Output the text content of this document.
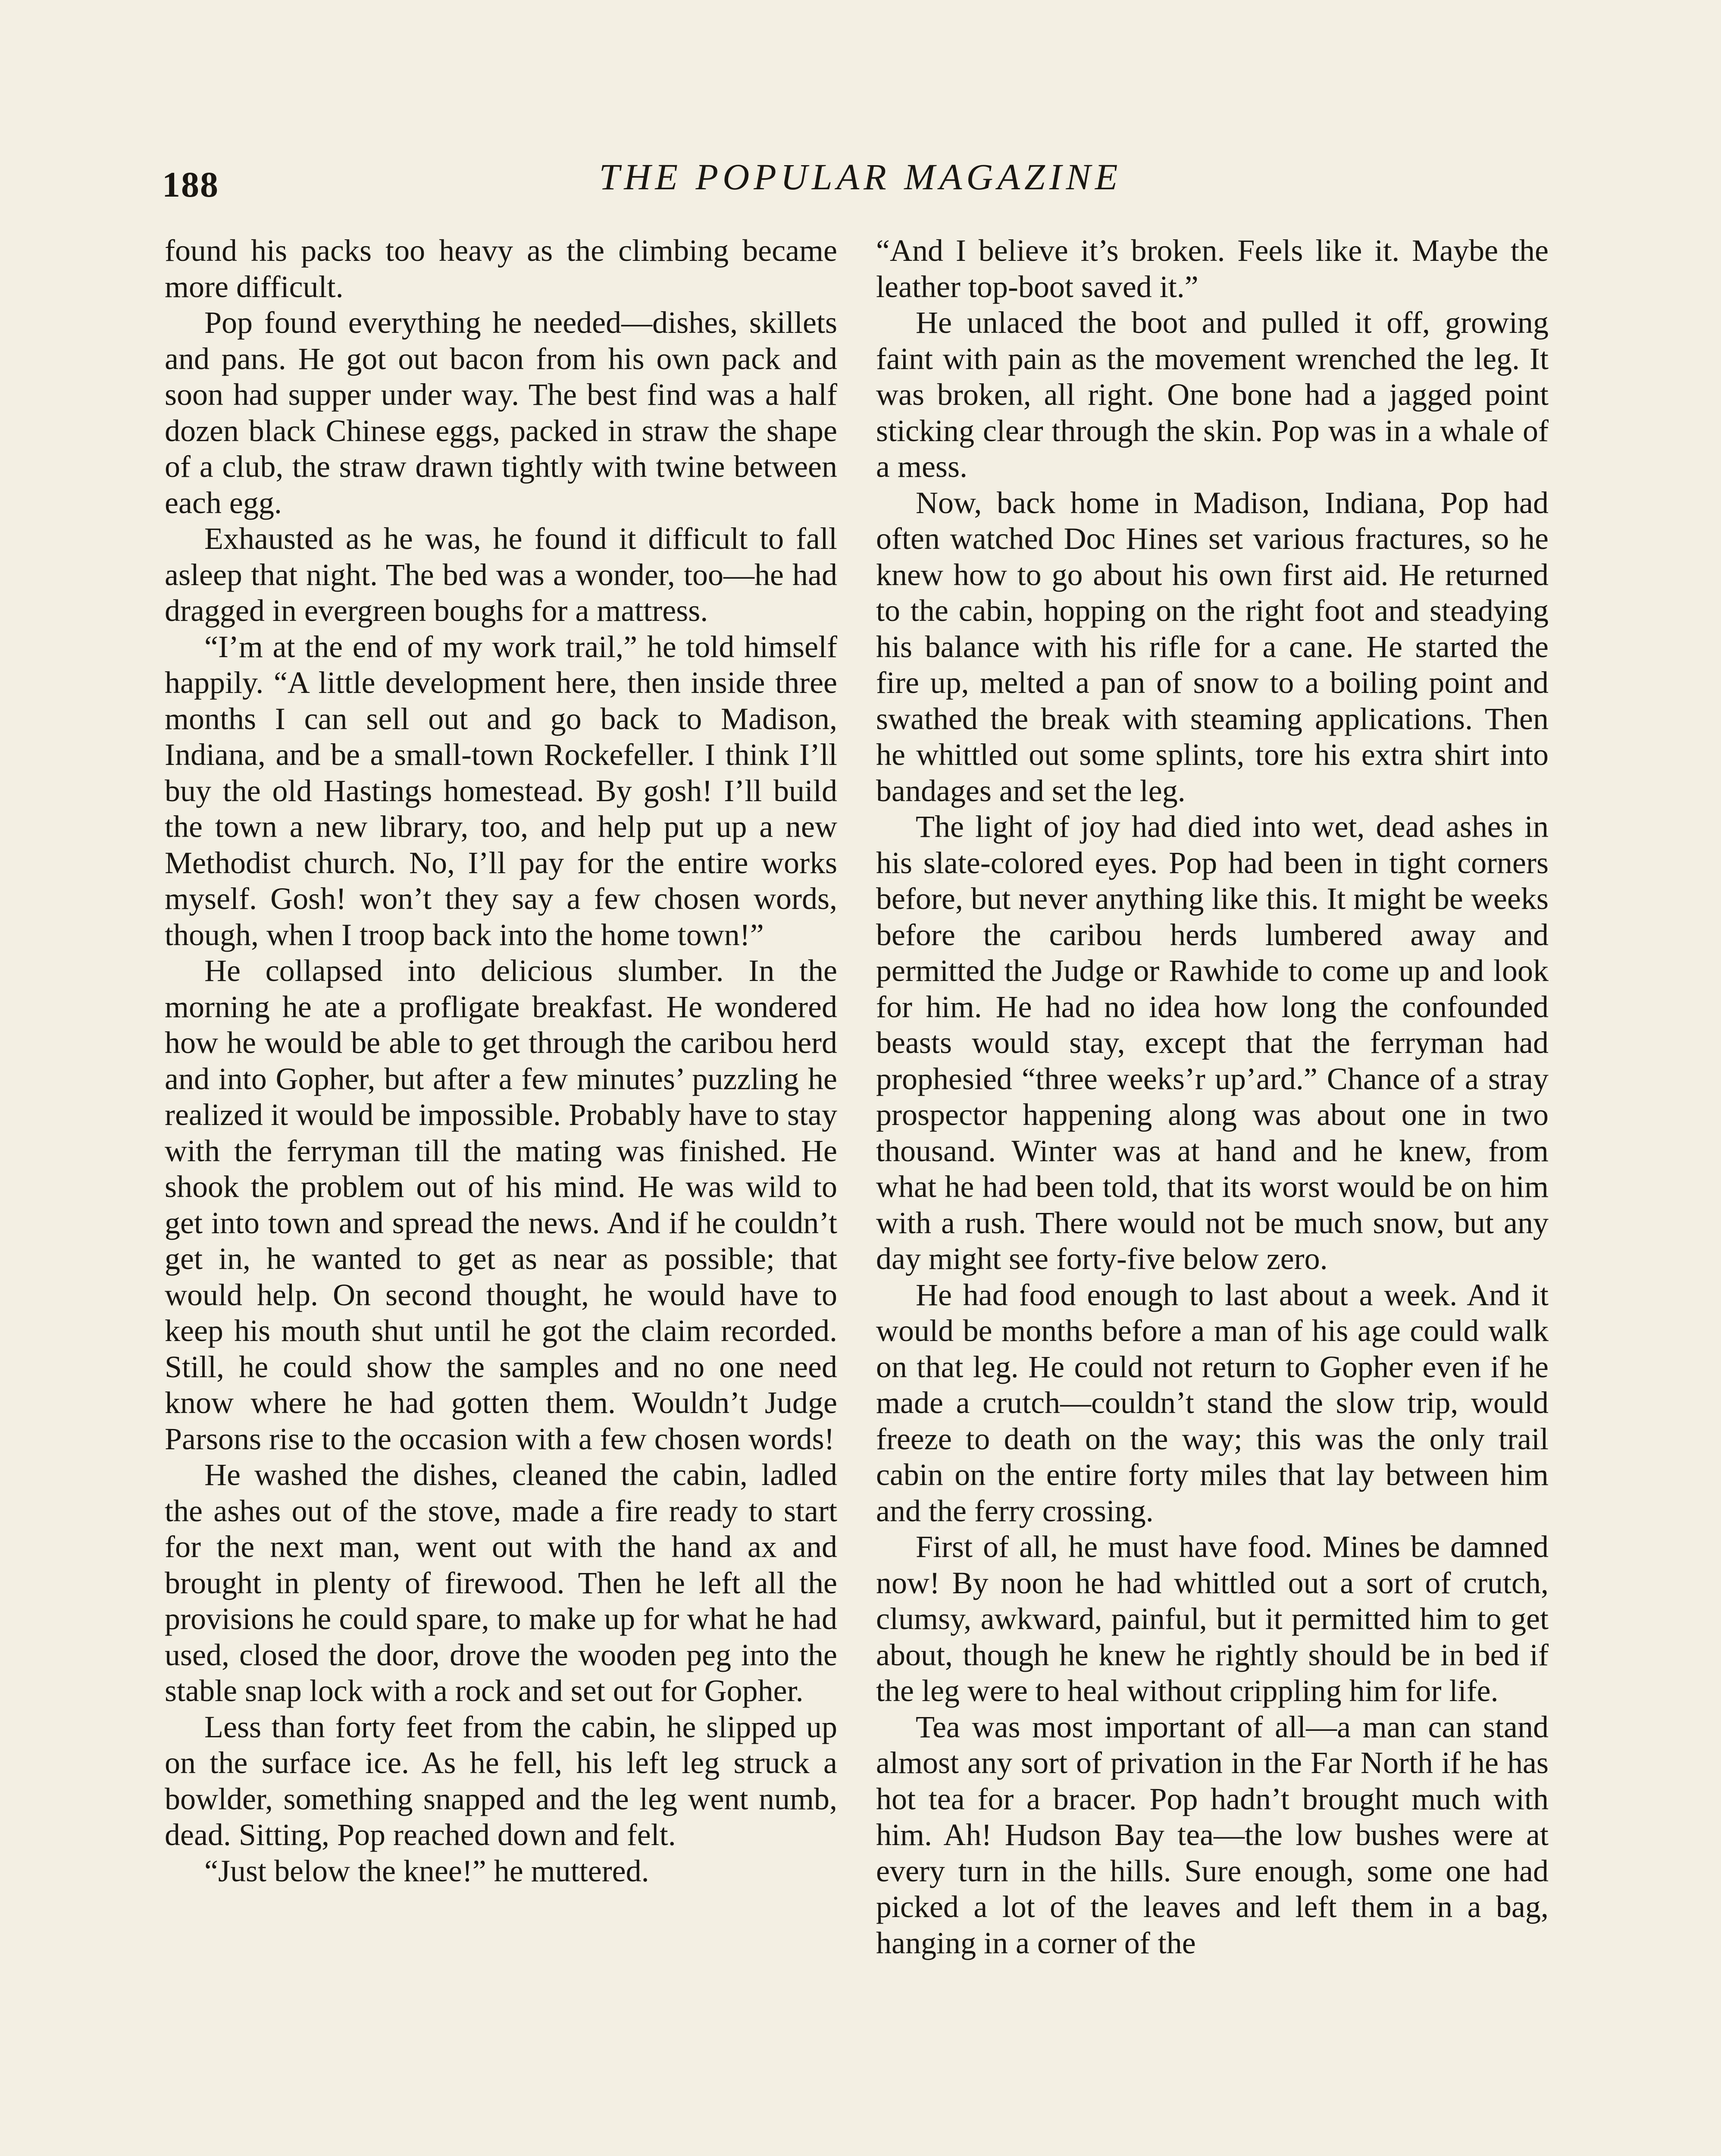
188	THE POPULAR MAGAZINE

found his packs too heavy as the climbing became more difficult.

Pop found everything he needed—dishes, skillets and pans. He got out bacon from his own pack and soon had supper under way. The best find was a half dozen black Chinese eggs, packed in straw the shape of a club, the straw drawn tightly with twine between each egg.

Exhausted as he was, he found it difficult to fall asleep that night. The bed was a wonder, too—he had dragged in evergreen boughs for a mattress.

“I’m at the end of my work trail,” he told himself happily. “A little development here, then inside three months I can sell out and go back to Madison, Indiana, and be a small-town Rockefeller. I think I’ll buy the old Hastings homestead. By gosh! I’ll build the town a new library, too, and help put up a new Methodist church. No, I’ll pay for the entire works myself. Gosh! won’t they say a few chosen words, though, when I troop back into the home town!”

He collapsed into delicious slumber. In the morning he ate a profligate breakfast. He wondered how he would be able to get through the caribou herd and into Gopher, but after a few minutes’ puzzling he realized it would be impossible. Probably have to stay with the ferryman till the mating was finished. He shook the problem out of his mind. He was wild to get into town and spread the news. And if he couldn’t get in, he wanted to get as near as possible; that would help. On second thought, he would have to keep his mouth shut until he got the claim recorded. Still, he could show the samples and no one need know where he had gotten them. Wouldn’t Judge Parsons rise to the occasion with a few chosen words!

He washed the dishes, cleaned the cabin, ladled the ashes out of the stove, made a fire ready to start for the next man, went out with the hand ax and brought in plenty of firewood. Then he left all the provisions he could spare, to make up for what he had used, closed the door, drove the wooden peg into the stable snap lock with a rock and set out for Gopher.

Less than forty feet from the cabin, he slipped up on the surface ice. As he fell, his left leg struck a bowlder, something snapped and the leg went numb, dead. Sitting, Pop reached down and felt.

“Just below the knee!” he muttered.

“And I believe it’s broken. Feels like it. Maybe the leather top-boot saved it.”

He unlaced the boot and pulled it off, growing faint with pain as the movement wrenched the leg. It was broken, all right. One bone had a jagged point sticking clear through the skin. Pop was in a whale of a mess.

Now, back home in Madison, Indiana, Pop had often watched Doc Hines set various fractures, so he knew how to go about his own first aid. He returned to the cabin, hopping on the right foot and steadying his balance with his rifle for a cane. He started the fire up, melted a pan of snow to a boiling point and swathed the break with steaming applications. Then he whittled out some splints, tore his extra shirt into bandages and set the leg.

The light of joy had died into wet, dead ashes in his slate-colored eyes. Pop had been in tight corners before, but never anything like this. It might be weeks before the caribou herds lumbered away and permitted the Judge or Rawhide to come up and look for him. He had no idea how long the confounded beasts would stay, except that the ferryman had prophesied “three weeks’r up’ard.” Chance of a stray prospector happening along was about one in two thousand. Winter was at hand and he knew, from what he had been told, that its worst would be on him with a rush. There would not be much snow, but any day might see forty-five below zero.

He had food enough to last about a week. And it would be months before a man of his age could walk on that leg. He could not return to Gopher even if he made a crutch—couldn’t stand the slow trip, would freeze to death on the way; this was the only trail cabin on the entire forty miles that lay between him and the ferry crossing.

First of all, he must have food. Mines be damned now! By noon he had whittled out a sort of crutch, clumsy, awkward, painful, but it permitted him to get about, though he knew he rightly should be in bed if the leg were to heal without crippling him for life.

Tea was most important of all—a man can stand almost any sort of privation in the Far North if he has hot tea for a bracer. Pop hadn’t brought much with him. Ah! Hudson Bay tea—the low bushes were at every turn in the hills. Sure enough, some one had picked a lot of the leaves and left them in a bag, hanging in a corner of the
